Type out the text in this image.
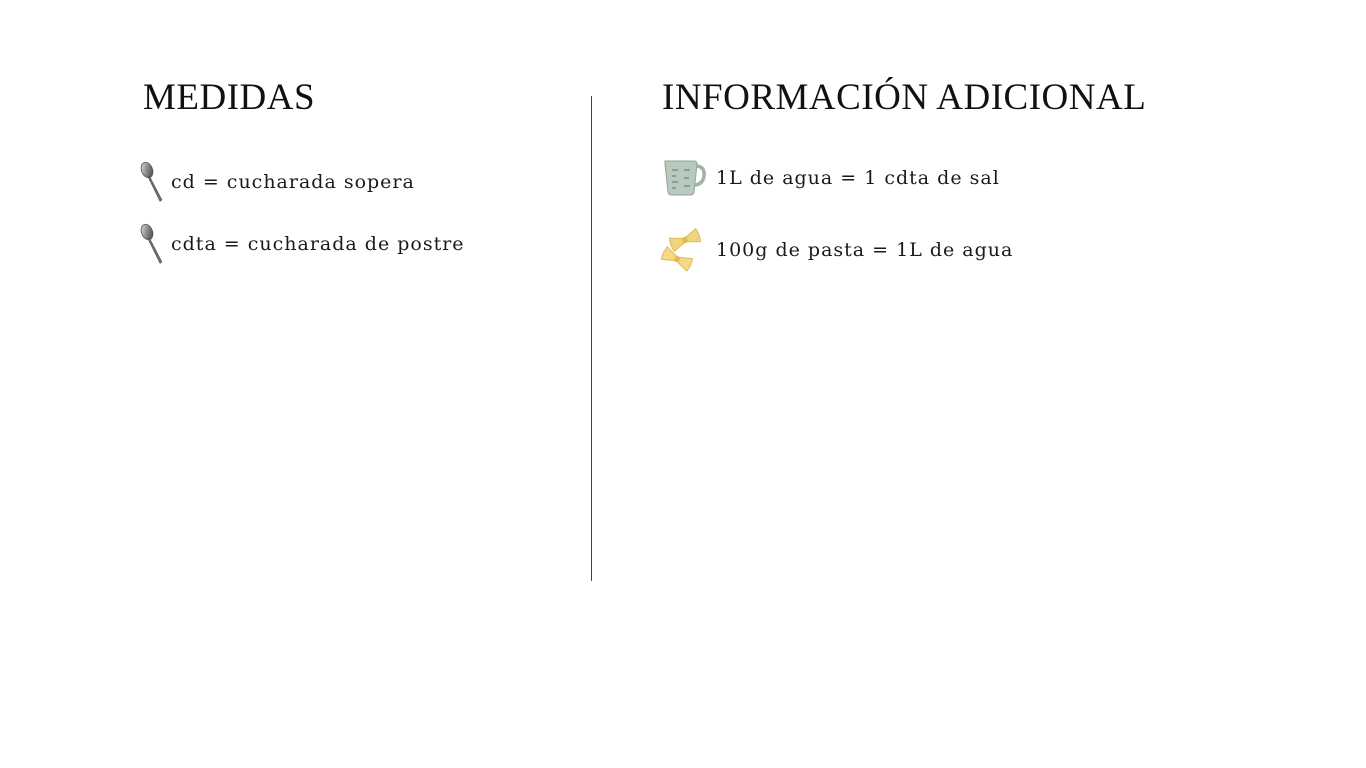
MEDIDAS	INFORMACIÓN ADICIONAL
cd = cucharada sopera
cdta = cucharada de postre
1L de agua = 1 cdta de sal
100g de pasta = 1L de agua
